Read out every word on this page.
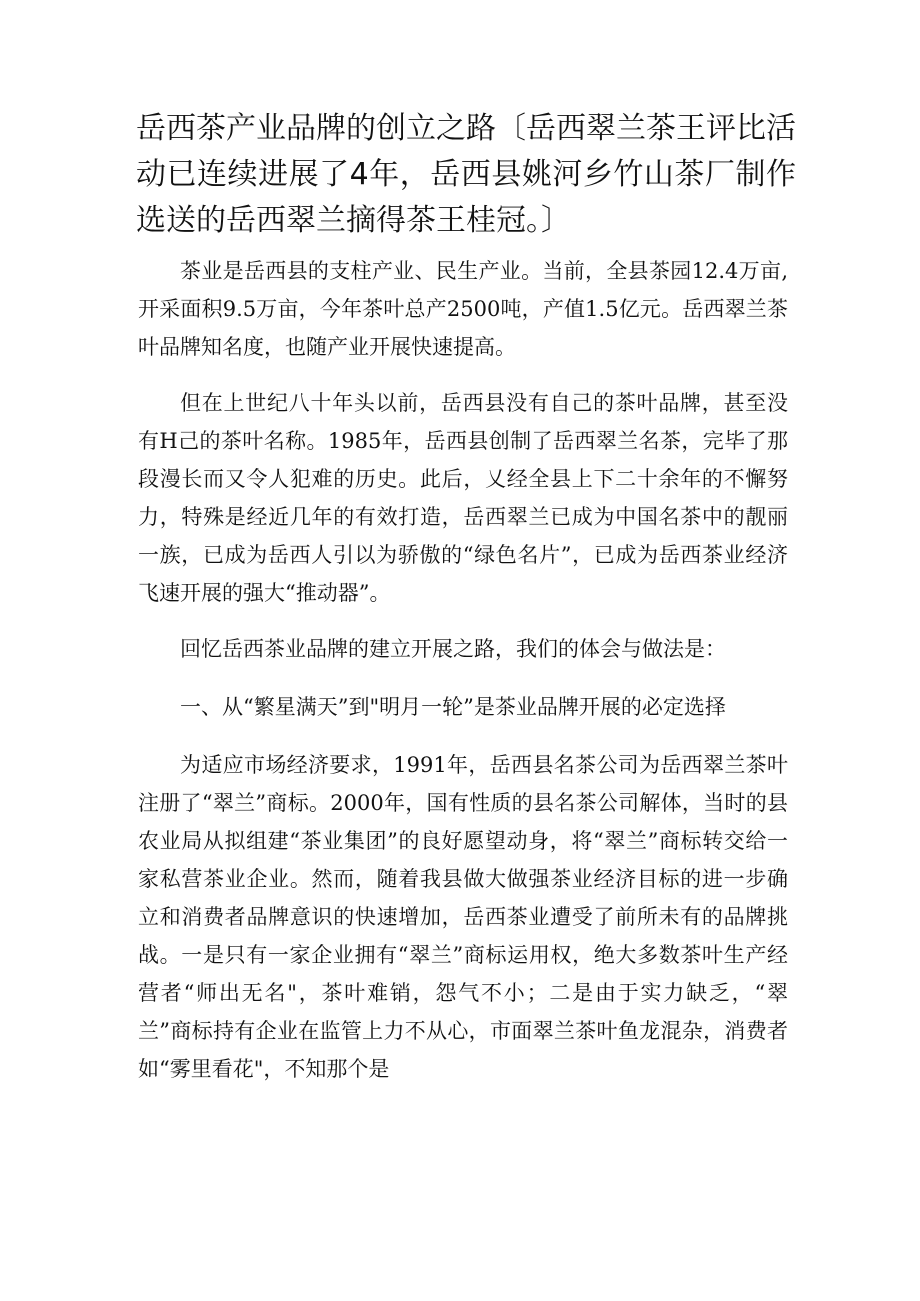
岳西茶产业品牌的创立之路〔岳西翠兰茶王评比活动已连续进展了4年，岳西县姚河乡竹山茶厂制作选送的岳西翠兰摘得茶王桂冠。〕

茶业是岳西县的支柱产业、民生产业。当前，全县茶园12.4万亩,开采面积9.5万亩，今年茶叶总产2500吨，产值1.5亿元。岳西翠兰茶叶品牌知名度，也随产业开展快速提高。

但在上世纪八十年头以前，岳西县没有自己的茶叶品牌，甚至没有H己的茶叶名称。1985年，岳西县创制了岳西翠兰名茶，完毕了那段漫长而又令人犯难的历史。此后，乂经全县上下二十余年的不懈努力，特殊是经近几年的有效打造，岳西翠兰已成为中国名茶中的靓丽一族，已成为岳西人引以为骄傲的“绿色名片”，已成为岳西茶业经济飞速开展的强大“推动器”。

回忆岳西茶业品牌的建立开展之路，我们的体会与做法是：

一、从“繁星满天”到"明月一轮”是茶业品牌开展的必定选择

为适应市场经济要求，1991年，岳西县名茶公司为岳西翠兰茶叶注册了“翠兰”商标。2000年，国有性质的县名茶公司解体，当时的县农业局从拟组建“茶业集团”的良好愿望动身，将“翠兰”商标转交给一家私营茶业企业。然而，随着我县做大做强茶业经济目标的进一步确立和消费者品牌意识的快速增加，岳西茶业遭受了前所未有的品牌挑战。一是只有一家企业拥有“翠兰”商标运用权，绝大多数茶叶生产经营者“师出无名"，茶叶难销，怨气不小；二是由于实力缺乏，“翠兰”商标持有企业在监管上力不从心，市面翠兰茶叶鱼龙混杂，消费者如“雾里看花"，不知那个是
